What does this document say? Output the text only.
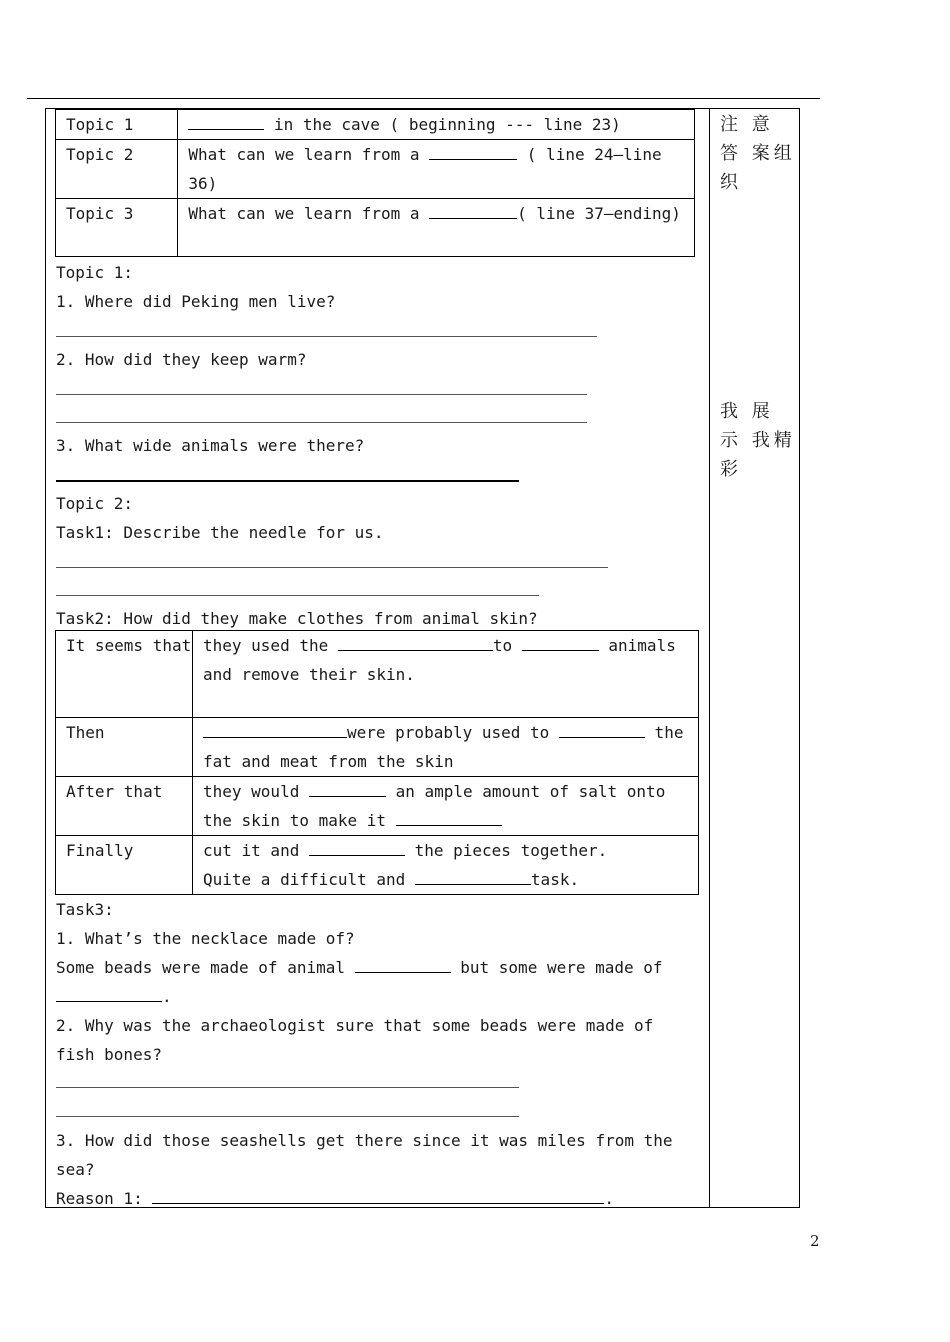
注 意 答 案组织
我 展 示 我精 彩
Topic 1	in the cave ( beginning --- line 23)
Topic 2	What can we learn from a ( line 24—line 36)
Topic 3	What can we learn from a ( line 37—ending)
Topic 1:
1. Where did Peking men live?
2. How did they keep warm?
3. What wide animals were there?
Topic 2:
Task1: Describe the needle for us.
Task2: How did they make clothes from animal skin?
It seems that	they used the to animals and remove their skin.
Then	were probably used to the fat and meat from the skin
After that	they would an ample amount of salt onto the skin to make it
Finally	cut it and the pieces together.
Quite a difficult and task.
Task3:
1. What’s the necklace made of?
Some beads were made of animal	but some were made of
.
2. Why was the archaeologist sure that some beads were made of
fish bones?
3. How did those seashells get there since it was miles from the
sea?
Reason 1:	.
2
